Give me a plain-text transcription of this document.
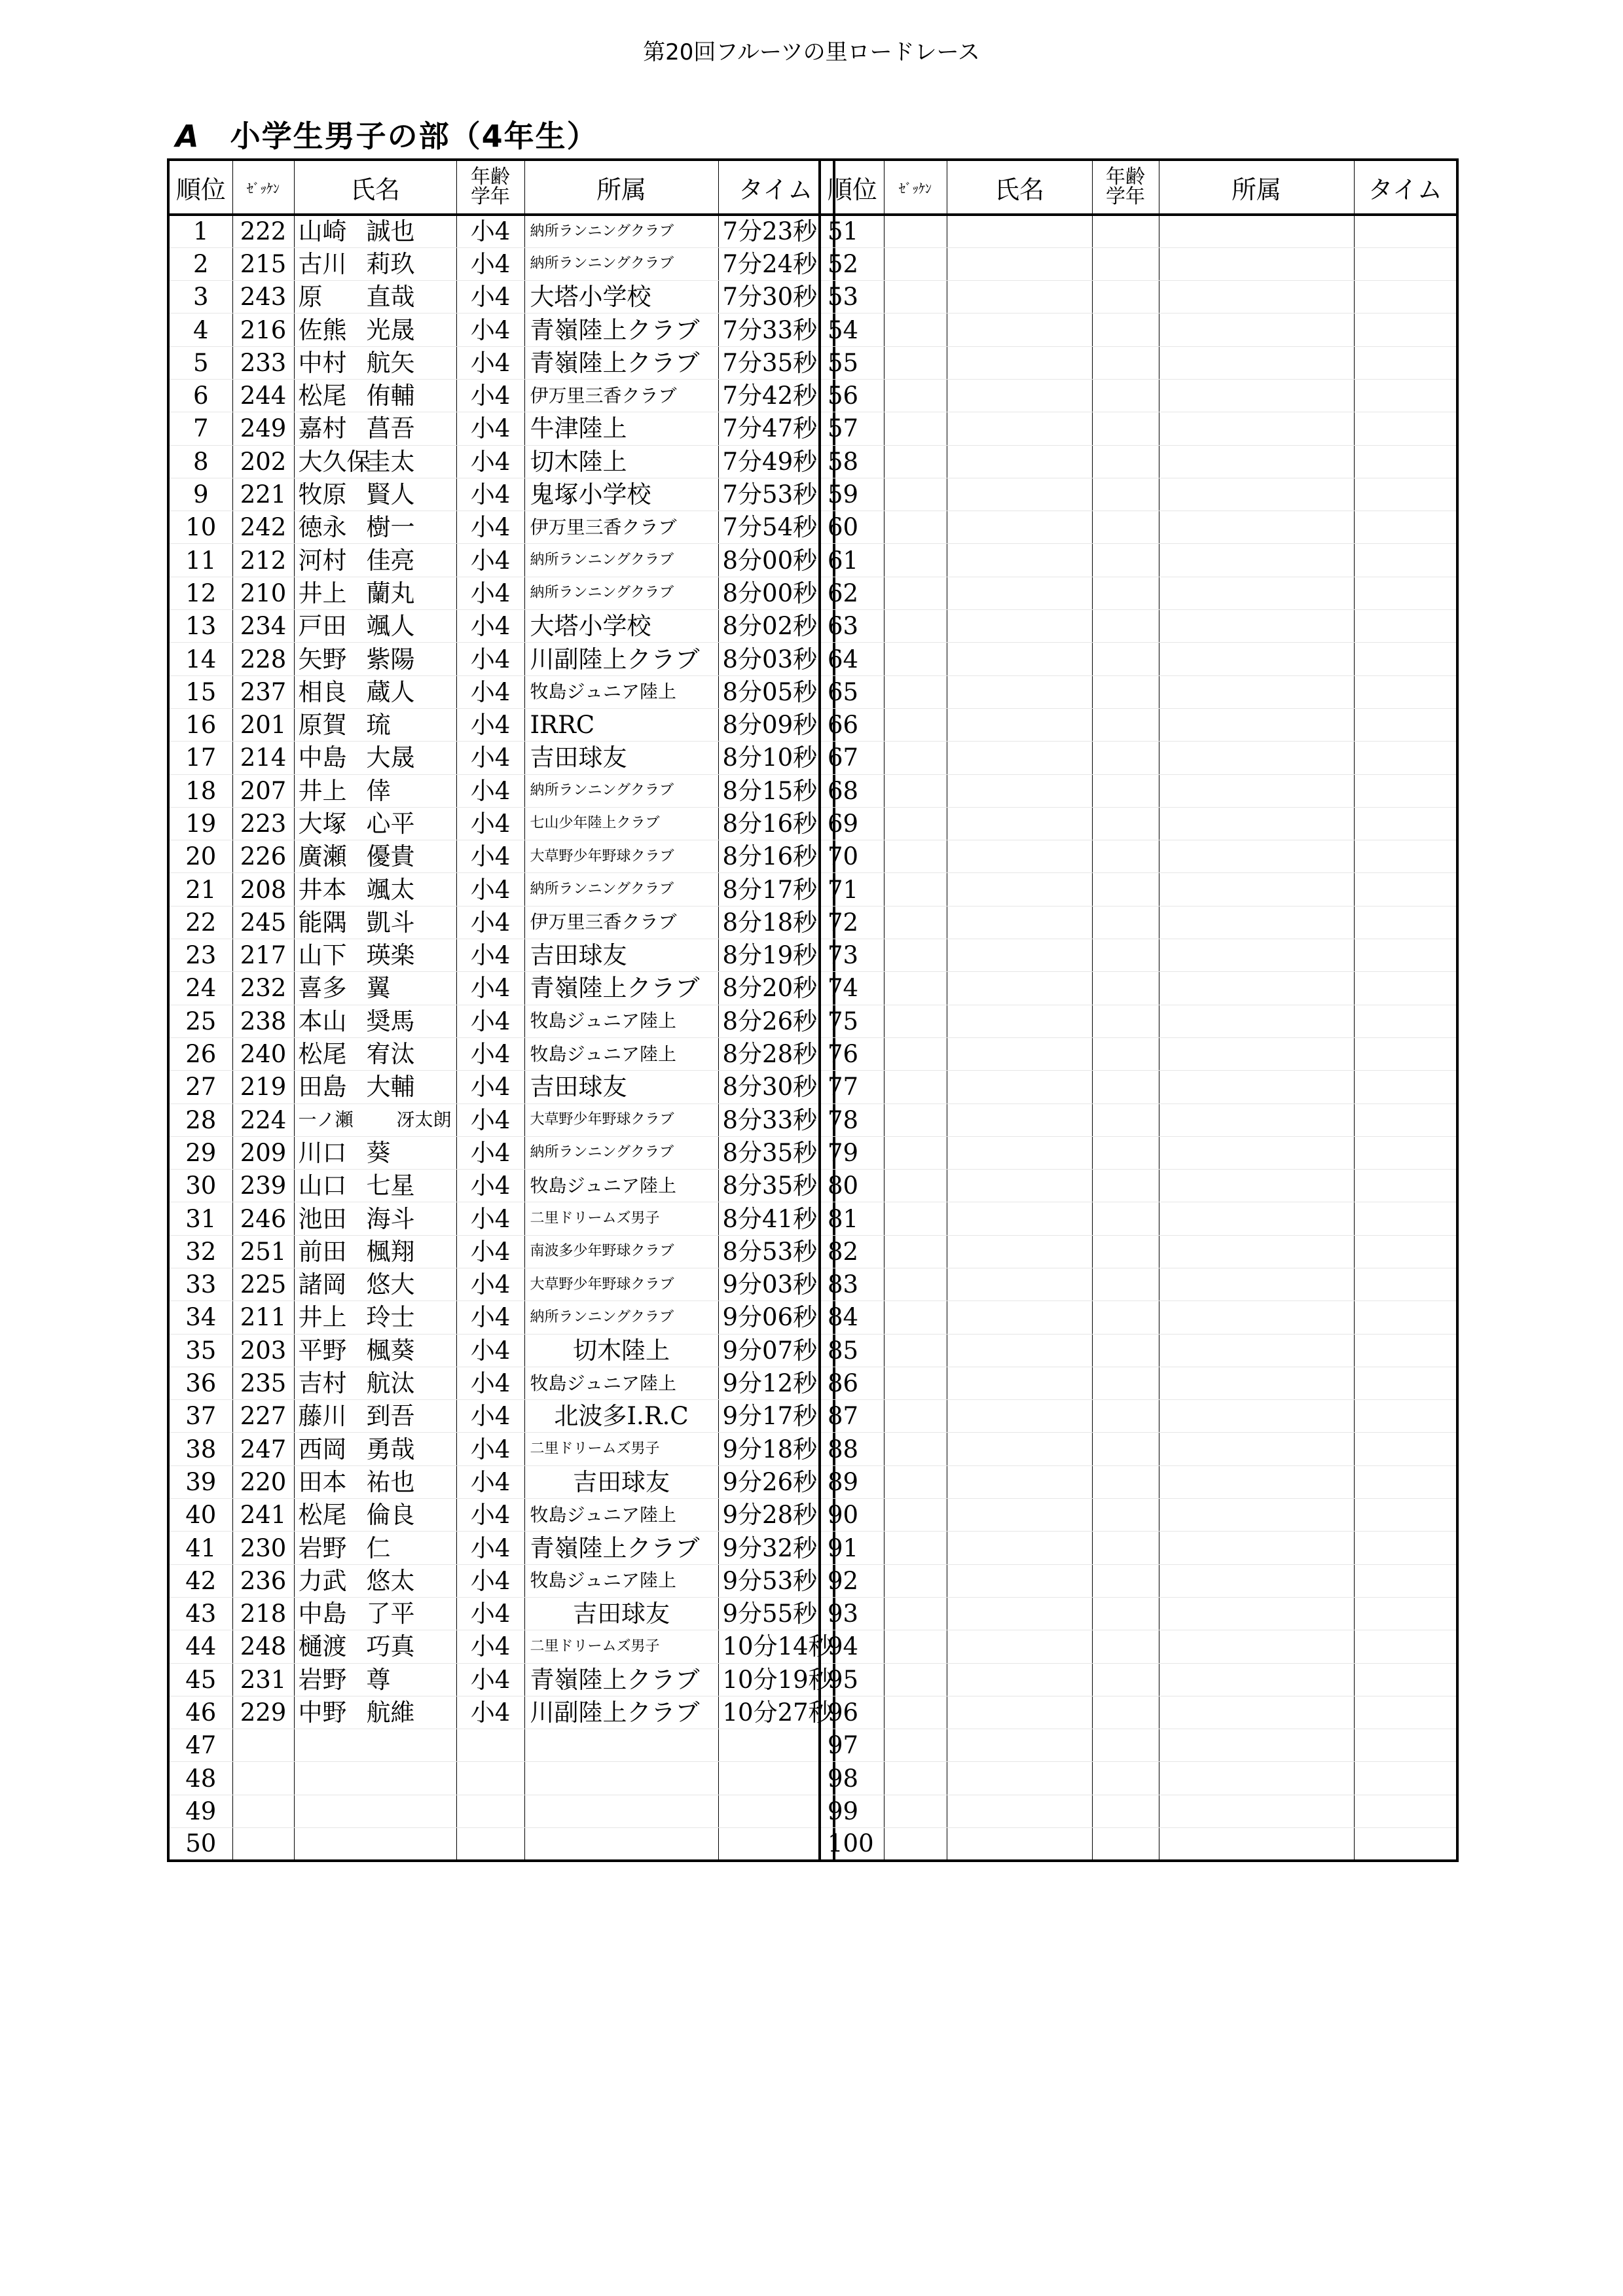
第20回フルーツの里ロードレース
A 小学生男子の部（4年生）
順位	ｾﾞｯｹﾝ	氏名	年齢
学年	所属	タイム
1	222	山崎 誠也	小4	納所ランニングクラブ	7分23秒
2	215	古川 莉玖	小4	納所ランニングクラブ	7分24秒
3	243	原 直哉	小4	大塔小学校	7分30秒
4	216	佐熊 光晟	小4	青嶺陸上クラブ	7分33秒
5	233	中村 航矢	小4	青嶺陸上クラブ	7分35秒
6	244	松尾 侑輔	小4	伊万里三香クラブ	7分42秒
7	249	嘉村 菖吾	小4	牛津陸上	7分47秒
8	202	大久保圭太	小4	切木陸上	7分49秒
9	221	牧原 賢人	小4	鬼塚小学校	7分53秒
10	242	徳永 樹一	小4	伊万里三香クラブ	7分54秒
11	212	河村 佳亮	小4	納所ランニングクラブ	8分00秒
12	210	井上 蘭丸	小4	納所ランニングクラブ	8分00秒
13	234	戸田 颯人	小4	大塔小学校	8分02秒
14	228	矢野 紫陽	小4	川副陸上クラブ	8分03秒
15	237	相良 蔵人	小4	牧島ジュニア陸上	8分05秒
16	201	原賀 琉	小4	IRRC	8分09秒
17	214	中島 大晟	小4	吉田球友	8分10秒
18	207	井上 倖	小4	納所ランニングクラブ	8分15秒
19	223	大塚 心平	小4	七山少年陸上クラブ	8分16秒
20	226	廣瀬 優貴	小4	大草野少年野球クラブ	8分16秒
21	208	井本 颯太	小4	納所ランニングクラブ	8分17秒
22	245	能隅 凱斗	小4	伊万里三香クラブ	8分18秒
23	217	山下 瑛楽	小4	吉田球友	8分19秒
24	232	喜多 翼	小4	青嶺陸上クラブ	8分20秒
25	238	本山 奨馬	小4	牧島ジュニア陸上	8分26秒
26	240	松尾 宥汰	小4	牧島ジュニア陸上	8分28秒
27	219	田島 大輔	小4	吉田球友	8分30秒
28	224	一ノ瀬 冴太朗	小4	大草野少年野球クラブ	8分33秒
29	209	川口 葵	小4	納所ランニングクラブ	8分35秒
30	239	山口 七星	小4	牧島ジュニア陸上	8分35秒
31	246	池田 海斗	小4	二里ドリームズ男子	8分41秒
32	251	前田 楓翔	小4	南波多少年野球クラブ	8分53秒
33	225	諸岡 悠大	小4	大草野少年野球クラブ	9分03秒
34	211	井上 玲士	小4	納所ランニングクラブ	9分06秒
35	203	平野 楓葵	小4	切木陸上	9分07秒
36	235	吉村 航汰	小4	牧島ジュニア陸上	9分12秒
37	227	藤川 到吾	小4	北波多I.R.C	9分17秒
38	247	西岡 勇哉	小4	二里ドリームズ男子	9分18秒
39	220	田本 祐也	小4	吉田球友	9分26秒
40	241	松尾 倫良	小4	牧島ジュニア陸上	9分28秒
41	230	岩野 仁	小4	青嶺陸上クラブ	9分32秒
42	236	力武 悠太	小4	牧島ジュニア陸上	9分53秒
43	218	中島 了平	小4	吉田球友	9分55秒
44	248	樋渡 巧真	小4	二里ドリームズ男子	10分14秒
45	231	岩野 尊	小4	青嶺陸上クラブ	10分19秒
46	229	中野 航維	小4	川副陸上クラブ	10分27秒
47					
48					
49					
50					
順位	ｾﾞｯｹﾝ	氏名	年齢
学年	所属	タイム
51					
52					
53					
54					
55					
56					
57					
58					
59					
60					
61					
62					
63					
64					
65					
66					
67					
68					
69					
70					
71					
72					
73					
74					
75					
76					
77					
78					
79					
80					
81					
82					
83					
84					
85					
86					
87					
88					
89					
90					
91					
92					
93					
94					
95					
96					
97					
98					
99					
100					
